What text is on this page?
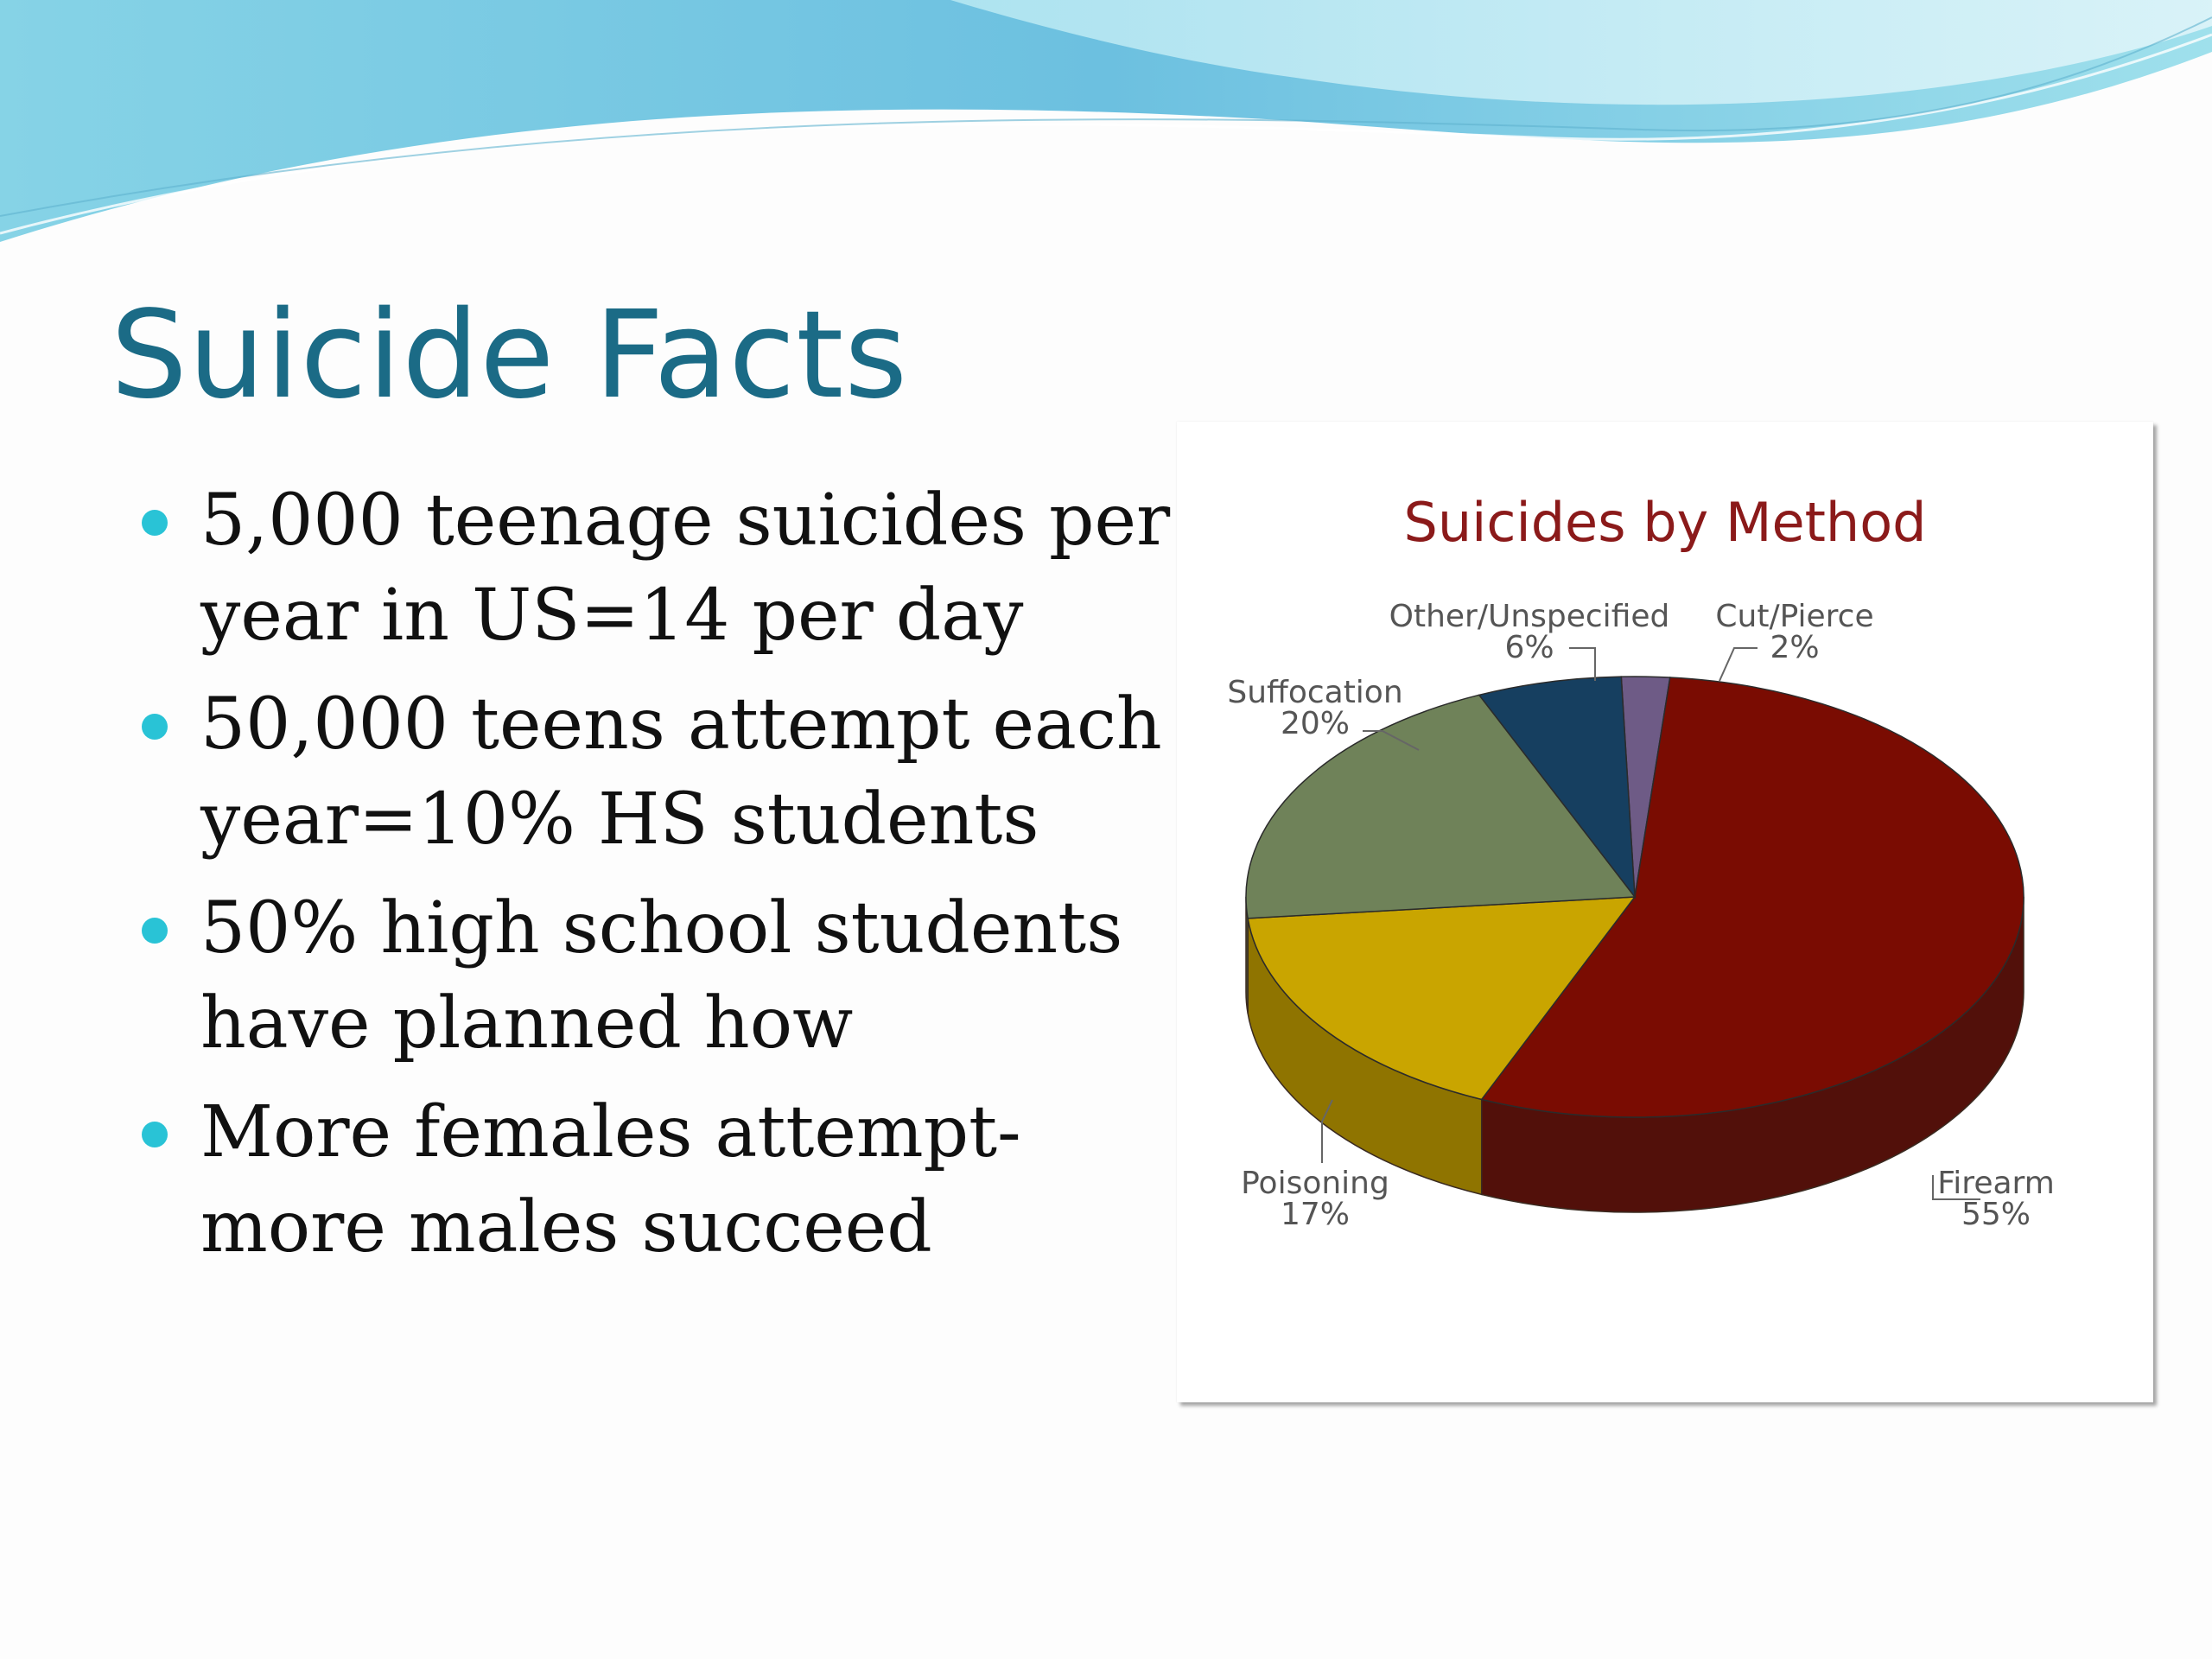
Suicide Facts
5,000 teenage suicides per year in US=14 per day
50,000 teens attempt each year=10% HS students
50% high school students have planned how
More females attempt-more males succeed
Suicides by Method
Firearm
55%
Poisoning
17%
Suffocation
20%
Other/Unspecified
6%
Cut/Pierce
2%
